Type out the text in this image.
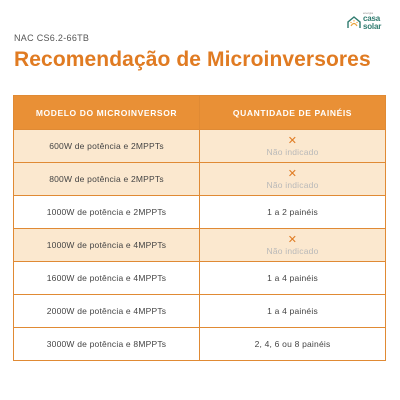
energia
casa
solar
NAC CS6.2-66TB
Recomendação de Microinversores
MODELO DO MICROINVERSOR	QUANTIDADE DE PAINÉIS
600W de potência e 2MPPTs	✕
Não indicado
800W de potência e 2MPPTs	✕
Não indicado
1000W de potência e 2MPPTs	1 a 2 painéis
1000W de potência e 4MPPTs	✕
Não indicado
1600W de potência e 4MPPTs	1 a 4 painéis
2000W de potência e 4MPPTs	1 a 4 painéis
3000W de potência e 8MPPTs	2, 4, 6 ou 8 painéis
